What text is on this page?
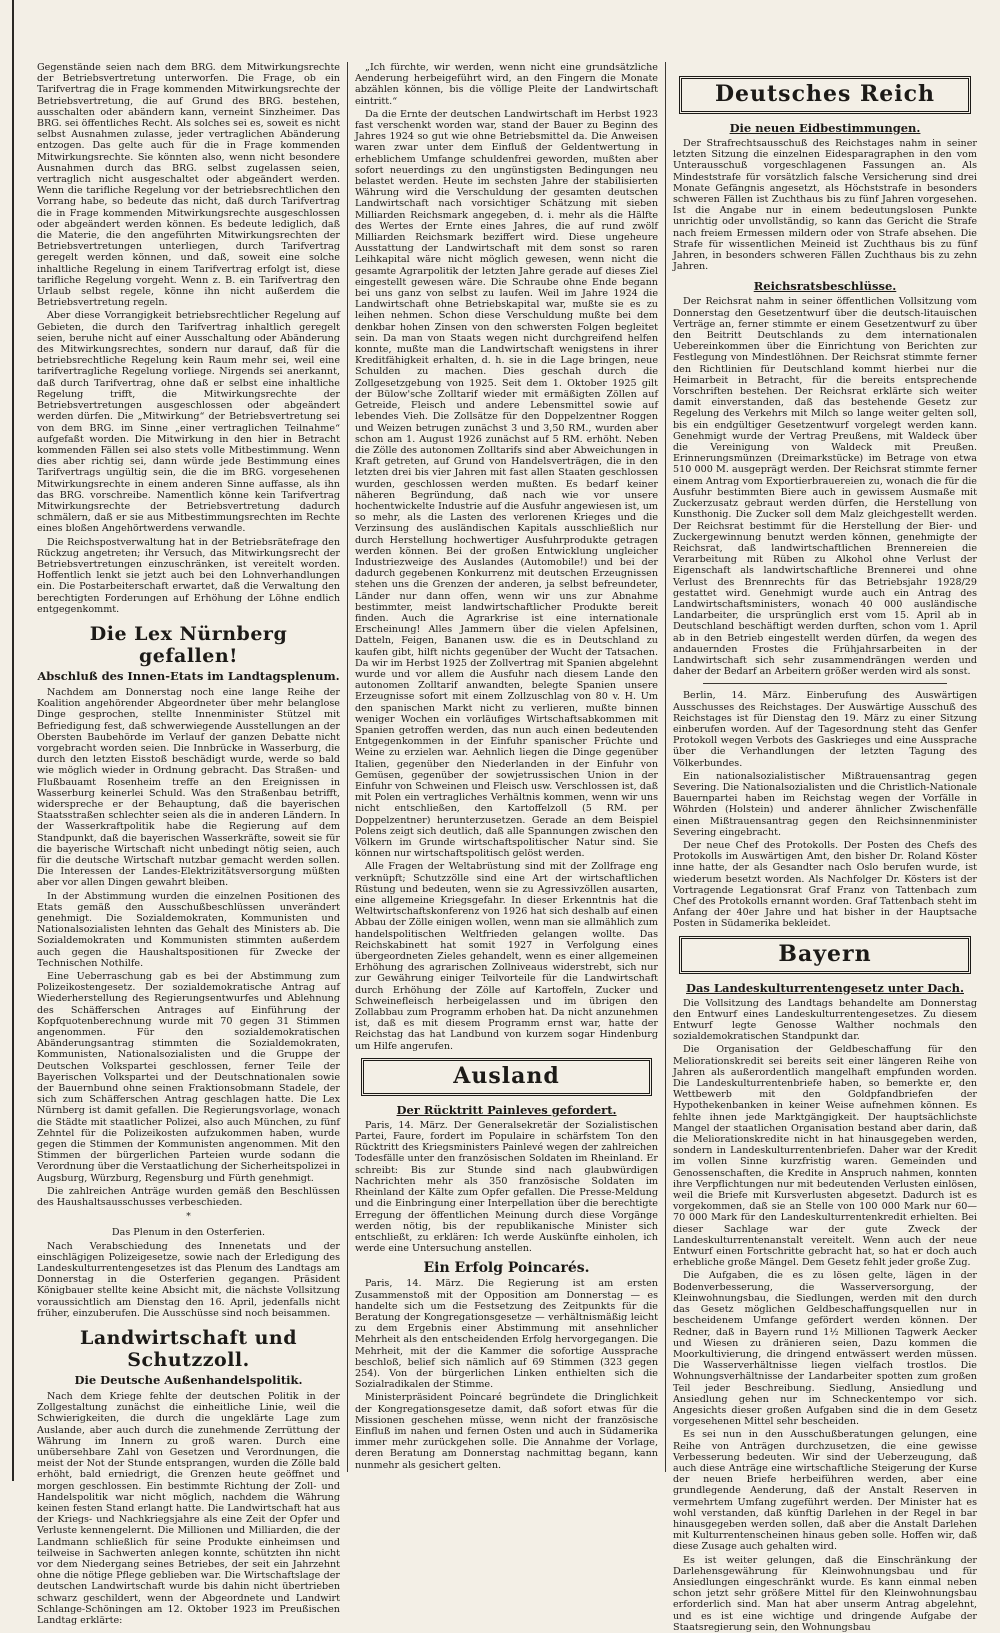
Gegenstände seien nach dem BRG. dem Mitwirkungsrechte der Betriebsvertretung unterworfen. Die Frage, ob ein Tarifvertrag die in Frage kommenden Mitwirkungsrechte der Betriebsvertretung, die auf Grund des BRG. bestehen, ausschalten oder abändern kann, verneint Sinzheimer. Das BRG. sei öffentliches Recht. Als solches sei es, soweit es nicht selbst Ausnahmen zulasse, jeder vertraglichen Abänderung entzogen. Das gelte auch für die in Frage kommenden Mitwirkungsrechte. Sie könnten also, wenn nicht besondere Ausnahmen durch das BRG. selbst zugelassen seien, vertraglich nicht ausgeschaltet oder abgeändert werden. Wenn die tarifliche Regelung vor der betriebsrechtlichen den Vorrang habe, so bedeute das nicht, daß durch Tarifvertrag die in Frage kommenden Mitwirkungsrechte ausgeschlossen oder abgeändert werden können. Es bedeute lediglich, daß die Materie, die den angeführten Mitwirkungsrechten der Betriebsvertretungen unterliegen, durch Tarifvertrag geregelt werden können, und daß, soweit eine solche inhaltliche Regelung in einem Tarifvertrag erfolgt ist, diese tarifliche Regelung vorgeht. Wenn z. B. ein Tarifvertrag den Urlaub selbst regele, könne ihn nicht außerdem die Betriebsvertretung regeln.

Aber diese Vorrangigkeit betriebsrechtlicher Regelung auf Gebieten, die durch den Tarifvertrag inhaltlich geregelt seien, beruhe nicht auf einer Ausschaltung oder Abänderung des Mitwirkungsrechtes, sondern nur darauf, daß für die betriebsrechtliche Regelung kein Raum mehr sei, weil eine tarifvertragliche Regelung vorliege. Nirgends sei anerkannt, daß durch Tarifvertrag, ohne daß er selbst eine inhaltliche Regelung trifft, die Mitwirkungsrechte der Betriebsvertretungen ausgeschlossen oder abgeändert werden dürfen. Die „Mitwirkung“ der Betriebsvertretung sei von dem BRG. im Sinne „einer vertraglichen Teilnahme“ aufgefaßt worden. Die Mitwirkung in den hier in Betracht kommenden Fällen sei also stets volle Mitbestimmung. Wenn dies aber richtig sei, dann würde jede Bestimmung eines Tarifvertrags ungültig sein, die die im BRG. vorgesehenen Mitwirkungsrechte in einem anderen Sinne auffasse, als ihn das BRG. vorschreibe. Namentlich könne kein Tarifvertrag Mitwirkungsrechte der Betriebsvertretung dadurch schmälern, daß er sie aus Mitbestimmungsrechten im Rechte eines bloßen Angehörtwerdens verwandle.

Die Reichspostverwaltung hat in der Betriebsrätefrage den Rückzug angetreten; ihr Versuch, das Mitwirkungsrecht der Betriebsvertretungen einzuschränken, ist vereitelt worden. Hoffentlich lenkt sie jetzt auch bei den Lohnverhandlungen ein. Die Postarbeiterschaft erwartet, daß die Verwaltung den berechtigten Forderungen auf Erhöhung der Löhne endlich entgegenkommt.

Die Lex Nürnberg gefallen!
Abschluß des Innen-Etats im Landtagsplenum.

Nachdem am Donnerstag noch eine lange Reihe der Koalition angehörender Abgeordneter über mehr belanglose Dinge gesprochen, stellte Innenminister Stützel mit Befriedigung fest, daß schwerwiegende Ausstellungen an der Obersten Baubehörde im Verlauf der ganzen Debatte nicht vorgebracht worden seien. Die Innbrücke in Wasserburg, die durch den letzten Eisstoß beschädigt wurde, werde so bald wie möglich wieder in Ordnung gebracht. Das Straßen- und Flußbauamt Rosenheim treffe an den Ereignissen in Wasserburg keinerlei Schuld. Was den Straßenbau betrifft, widerspreche er der Behauptung, daß die bayerischen Staatsstraßen schlechter seien als die in anderen Ländern. In der Wasserkraftpolitik habe die Regierung auf dem Standpunkt, daß die bayerischen Wasserkräfte, soweit sie für die bayerische Wirtschaft nicht unbedingt nötig seien, auch für die deutsche Wirtschaft nutzbar gemacht werden sollen. Die Interessen der Landes-Elektrizitätsversorgung müßten aber vor allen Dingen gewahrt bleiben.

In der Abstimmung wurden die einzelnen Positionen des Etats gemäß den Ausschußbeschlüssen unverändert genehmigt. Die Sozialdemokraten, Kommunisten und Nationalsozialisten lehnten das Gehalt des Ministers ab. Die Sozialdemokraten und Kommunisten stimmten außerdem auch gegen die Haushaltspositionen für Zwecke der Technischen Nothilfe.

Eine Ueberraschung gab es bei der Abstimmung zum Polizeikostengesetz. Der sozialdemokratische Antrag auf Wiederherstellung des Regierungsentwurfes und Ablehnung des Schäfferschen Antrages auf Einführung der Kopfquotenberechnung wurde mit 70 gegen 31 Stimmen angenommen. Für den sozialdemokratischen Abänderungsantrag stimmten die Sozialdemokraten, Kommunisten, Nationalsozialisten und die Gruppe der Deutschen Volkspartei geschlossen, ferner Teile der Bayerischen Volkspartei und der Deutschnationalen sowie der Bauernbund ohne seinen Fraktionsobmann Stadele, der sich zum Schäfferschen Antrag geschlagen hatte. Die Lex Nürnberg ist damit gefallen. Die Regierungsvorlage, wonach die Städte mit staatlicher Polizei, also auch München, zu fünf Zehntel für die Polizeikosten aufzukommen haben, wurde gegen die Stimmen der Kommunisten angenommen. Mit den Stimmen der bürgerlichen Parteien wurde sodann die Verordnung über die Verstaatlichung der Sicherheitspolizei in Augsburg, Würzburg, Regensburg und Fürth genehmigt.

Die zahlreichen Anträge wurden gemäß den Beschlüssen des Haushaltsausschusses verbeschieden.

*

Das Plenum in den Osterferien.

Nach Verabschiedung des Innenetats und der einschlägigen Polizeigesetze, sowie nach der Erledigung des Landeskulturrentengesetzes ist das Plenum des Landtags am Donnerstag in die Osterferien gegangen. Präsident Königbauer stellte keine Absicht mit, die nächste Vollsitzung voraussichtlich am Dienstag den 16. April, jedenfalls nicht früher, einzuberufen. Die Ausschüsse sind noch beisammen.

Landwirtschaft und Schutzzoll.
Die Deutsche Außenhandelspolitik.

Nach dem Kriege fehlte der deutschen Politik in der Zollgestaltung zunächst die einheitliche Linie, weil die Schwierigkeiten, die durch die ungeklärte Lage zum Auslande, aber auch durch die zunehmende Zerrüttung der Währung im Innern zu groß waren. Durch eine unübersehbare Zahl von Gesetzen und Verordnungen, die meist der Not der Stunde entsprangen, wurden die Zölle bald erhöht, bald erniedrigt, die Grenzen heute geöffnet und morgen geschlossen. Ein bestimmte Richtung der Zoll- und Handelspolitik war nicht möglich, nachdem die Währung keinen festen Stand erlangt hatte. Die Landwirtschaft hat aus der Kriegs- und Nachkriegsjahre als eine Zeit der Opfer und Verluste kennengelernt. Die Millionen und Milliarden, die der Landmann schließlich für seine Produkte einheimsen und teilweise in Sachwerten anlegen konnte, schützten ihn nicht vor dem Niedergang seines Betriebes, der seit ein Jahrzehnt ohne die nötige Pflege geblieben war. Die Wirtschaftslage der deutschen Landwirtschaft wurde bis dahin nicht übertrieben schwarz geschildert, wenn der Abgeordnete und Landwirt Schlange-Schöningen am 12. Oktober 1923 im Preußischen Landtag erklärte:

„Ich fürchte, wir werden, wenn nicht eine grundsätzliche Aenderung herbeigeführt wird, an den Fingern die Monate abzählen können, bis die völlige Pleite der Landwirtschaft eintritt.“

Da die Ernte der deutschen Landwirtschaft im Herbst 1923 fast verschenkt worden war, stand der Bauer zu Beginn des Jahres 1924 so gut wie ohne Betriebsmittel da. Die Anweisen waren zwar unter dem Einfluß der Geldentwertung in erheblichem Umfange schuldenfrei geworden, mußten aber sofort neuerdings zu den ungünstigsten Bedingungen neu belastet werden. Heute im sechsten Jahre der stabilisierten Währung wird die Verschuldung der gesamten deutschen Landwirtschaft nach vorsichtiger Schätzung mit sieben Milliarden Reichsmark angegeben, d. i. mehr als die Hälfte des Wertes der Ernte eines Jahres, die auf rund zwölf Milliarden Reichsmark beziffert wird. Diese ungeheure Ausstattung der Landwirtschaft mit dem sonst so raren Leihkapital wäre nicht möglich gewesen, wenn nicht die gesamte Agrarpolitik der letzten Jahre gerade auf dieses Ziel eingestellt gewesen wäre. Die Schraube ohne Ende begann bei uns ganz von selbst zu laufen. Weil im Jahre 1924 die Landwirtschaft ohne Betriebskapital war, mußte sie es zu leihen nehmen. Schon diese Verschuldung mußte bei dem denkbar hohen Zinsen von den schwersten Folgen begleitet sein. Da man von Staats wegen nicht durchgreifend helfen konnte, mußte man die Landwirtschaft wenigstens in ihrer Kreditfähigkeit erhalten, d. h. sie in die Lage bringen, neue Schulden zu machen. Dies geschah durch die Zollgesetzgebung von 1925. Seit dem 1. Oktober 1925 gilt der Bülow'sche Zolltarif wieder mit ermäßigten Zöllen auf Getreide, Fleisch und andere Lebensmittel sowie auf lebendes Vieh. Die Zollsätze für den Doppelzentner Roggen und Weizen betrugen zunächst 3 und 3,50 RM., wurden aber schon am 1. August 1926 zunächst auf 5 RM. erhöht. Neben die Zölle des autonomen Zolltarifs sind aber Abweichungen in Kraft getreten, auf Grund von Handelsverträgen, die in den letzten drei bis vier Jahren mit fast allen Staaten geschlossen wurden, geschlossen werden mußten. Es bedarf keiner näheren Begründung, daß nach wie vor unsere hochentwickelte Industrie auf die Ausfuhr angewiesen ist, um so mehr, als die Lasten des verlorenen Krieges und die Verzinsung des ausländischen Kapitals ausschließlich nur durch Herstellung hochwertiger Ausfuhrprodukte getragen werden können. Bei der großen Entwicklung ungleicher Industriezweige des Auslandes (Automobile!) und bei der dadurch gegebenen Konkurrenz mit deutschen Erzeugnissen stehen uns die Grenzen der anderen, ja selbst befreundeter, Länder nur dann offen, wenn wir uns zur Abnahme bestimmter, meist landwirtschaftlicher Produkte bereit finden. Auch die Agrarkrise ist eine internationale Erscheinung! Alles Jammern über die vielen Apfelsinen, Datteln, Feigen, Bananen usw. die es in Deutschland zu kaufen gibt, hilft nichts gegenüber der Wucht der Tatsachen. Da wir im Herbst 1925 der Zollvertrag mit Spanien abgelehnt wurde und vor allem die Ausfuhr nach diesem Lande den autonomen Zolltarif anwandten, belegte Spanien unsere Erzeugnisse sofort mit einem Zollzuschlag von 80 v. H. Um den spanischen Markt nicht zu verlieren, mußte binnen weniger Wochen ein vorläufiges Wirtschaftsabkommen mit Spanien getroffen werden, das nun auch einen bedeutenden Entgegenkommen in der Einfuhr spanischer Früchte und Weine zu erzielen war. Aehnlich liegen die Dinge gegenüber Italien, gegenüber den Niederlanden in der Einfuhr von Gemüsen, gegenüber der sowjetrussischen Union in der Einfuhr von Schweinen und Fleisch usw. Verschlossen ist, daß mit Polen ein vertragliches Verhältnis kommen, wenn wir uns nicht entschließen, den Kartoffelzoll (5 RM. per Doppelzentner) herunterzusetzen. Gerade an dem Beispiel Polens zeigt sich deutlich, daß alle Spannungen zwischen den Völkern im Grunde wirtschaftspolitischer Natur sind. Sie können nur wirtschaftspolitisch gelöst werden.

Alle Fragen der Weltabrüstung sind mit der Zollfrage eng verknüpft; Schutzzölle sind eine Art der wirtschaftlichen Rüstung und bedeuten, wenn sie zu Agressivzöllen ausarten, eine allgemeine Kriegsgefahr. In dieser Erkenntnis hat die Weltwirtschaftskonferenz von 1926 hat sich deshalb auf einen Abbau der Zölle einigen wollen, wenn man sie allmählich zum handelspolitischen Weltfrieden gelangen wollte. Das Reichskabinett hat somit 1927 in Verfolgung eines übergeordneten Zieles gehandelt, wenn es einer allgemeinen Erhöhung des agrarischen Zollniveaus widerstrebt, sich nur zur Gewährung einiger Teilvorteile für die Landwirtschaft durch Erhöhung der Zölle auf Kartoffeln, Zucker und Schweinefleisch herbeigelassen und im übrigen den Zollabbau zum Programm erhoben hat. Da nicht anzunehmen ist, daß es mit diesem Programm ernst war, hatte der Reichstag das hat Landbund von kurzem sogar Hindenburg um Hilfe angerufen.

Ausland
Der Rücktritt Painleves gefordert.

Paris, 14. März. Der Generalsekretär der Sozialistischen Partei, Faure, fordert im Populaire in schärfstem Ton den Rücktritt des Kriegsministers Painlevé wegen der zahlreichen Todesfälle unter den französischen Soldaten im Rheinland. Er schreibt: Bis zur Stunde sind nach glaubwürdigen Nachrichten mehr als 350 französische Soldaten im Rheinland der Kälte zum Opfer gefallen. Die Presse-Meldung und die Einbringung einer Interpellation über die berechtigte Erregung der öffentlichen Meinung durch diese Vorgänge werden nötig, bis der republikanische Minister sich entschließt, zu erklären: Ich werde Auskünfte einholen, ich werde eine Untersuchung anstellen.

Ein Erfolg Poincarés.

Paris, 14. März. Die Regierung ist am ersten Zusammenstoß mit der Opposition am Donnerstag — es handelte sich um die Festsetzung des Zeitpunkts für die Beratung der Kongregationsgesetze — verhältnismäßig leicht zu dem Ergebnis einer Abstimmung mit ansehnlicher Mehrheit als den entscheidenden Erfolg hervorgegangen. Die Mehrheit, mit der die Kammer die sofortige Aussprache beschloß, belief sich nämlich auf 69 Stimmen (323 gegen 254). Von der bürgerlichen Linken enthielten sich die Sozialradikalen der Stimme.

Ministerpräsident Poincaré begründete die Dringlichkeit der Kongregationsgesetze damit, daß sofort etwas für die Missionen geschehen müsse, wenn nicht der französische Einfluß im nahen und fernen Osten und auch in Südamerika immer mehr zurückgehen solle. Die Annahme der Vorlage, deren Beratung am Donnerstag nachmittag begann, kann nunmehr als gesichert gelten.

Deutsches Reich
Die neuen Eidbestimmungen.

Der Strafrechtsausschuß des Reichstages nahm in seiner letzten Sitzung die einzelnen Eidesparagraphen in den vom Unterausschuß vorgeschlagenen Fassungen an. Als Mindeststrafe für vorsätzlich falsche Versicherung sind drei Monate Gefängnis angesetzt, als Höchststrafe in besonders schweren Fällen ist Zuchthaus bis zu fünf Jahren vorgesehen. Ist die Angabe nur in einem bedeutungslosen Punkte unrichtig oder unvollständig, so kann das Gericht die Strafe nach freiem Ermessen mildern oder von Strafe absehen. Die Strafe für wissentlichen Meineid ist Zuchthaus bis zu fünf Jahren, in besonders schweren Fällen Zuchthaus bis zu zehn Jahren.

Reichsratsbeschlüsse.

Der Reichsrat nahm in seiner öffentlichen Vollsitzung vom Donnerstag den Gesetzentwurf über die deutsch-litauischen Verträge an, ferner stimmte er einem Gesetzentwurf zu über den Beitritt Deutschlands zu dem internationalen Uebereinkommen über die Einrichtung von Berichten zur Festlegung von Mindestlöhnen. Der Reichsrat stimmte ferner den Richtlinien für Deutschland kommt hierbei nur die Heimarbeit in Betracht, für die bereits entsprechende Vorschriften bestehen. Der Reichsrat erklärte sich weiter damit einverstanden, daß das bestehende Gesetz zur Regelung des Verkehrs mit Milch so lange weiter gelten soll, bis ein endgültiger Gesetzentwurf vorgelegt werden kann. Genehmigt wurde der Vertrag Preußens, mit Waldeck über die Vereinigung von Waldeck mit Preußen. Erinnerungsmünzen (Dreimarkstücke) im Betrage von etwa 510 000 M. ausgeprägt werden. Der Reichsrat stimmte ferner einem Antrag vom Exportierbrauereien zu, wonach die für die Ausfuhr bestimmten Biere auch in gewissem Ausmaße mit Zuckerzusatz gebraut werden dürfen, die Herstellung von Kunsthonig. Die Zucker soll dem Malz gleichgestellt werden. Der Reichsrat bestimmt für die Herstellung der Bier- und Zuckergewinnung benutzt werden können, genehmigte der Reichsrat, daß landwirtschaftlichen Brennereien die Verarbeitung mit Rüben zu Alkohol ohne Verlust der Eigenschaft als landwirtschaftliche Brennerei und ohne Verlust des Brennrechts für das Betriebsjahr 1928/29 gestattet wird. Genehmigt wurde auch ein Antrag des Landwirtschaftsministers, wonach 40 000 ausländische Landarbeiter, die ursprünglich erst vom 15. April ab in Deutschland beschäftigt werden durften, schon vom 1. April ab in den Betrieb eingestellt werden dürfen, da wegen des andauernden Frostes die Frühjahrsarbeiten in der Landwirtschaft sich sehr zusammendrängen werden und daher der Bedarf an Arbeitern größer werden wird als sonst.

Berlin, 14. März. Einberufung des Auswärtigen Ausschusses des Reichstages. Der Auswärtige Ausschuß des Reichstages ist für Dienstag den 19. März zu einer Sitzung einberufen worden. Auf der Tagesordnung steht das Genfer Protokoll wegen Verbots des Gaskrieges und eine Aussprache über die Verhandlungen der letzten Tagung des Völkerbundes.

Ein nationalsozialistischer Mißtrauensantrag gegen Severing. Die Nationalsozialisten und die Christlich-Nationale Bauernpartei haben im Reichstag wegen der Vorfälle in Wöhrden (Holstein) und anderer ähnlicher Zwischenfälle einen Mißtrauensantrag gegen den Reichsinnenminister Severing eingebracht.

Der neue Chef des Protokolls. Der Posten des Chefs des Protokolls im Auswärtigen Amt, den bisher Dr. Roland Köster inne hatte, der als Gesandter nach Oslo berufen wurde, ist wiederum besetzt worden. Als Nachfolger Dr. Kösters ist der Vortragende Legationsrat Graf Franz von Tattenbach zum Chef des Protokolls ernannt worden. Graf Tattenbach steht im Anfang der 40er Jahre und hat bisher in der Hauptsache Posten in Südamerika bekleidet.

Bayern
Das Landeskulturrentengesetz unter Dach.

Die Vollsitzung des Landtags behandelte am Donnerstag den Entwurf eines Landeskulturrentengesetzes. Zu diesem Entwurf legte Genosse Walther nochmals den sozialdemokratischen Standpunkt dar.

Die Organisation der Geldbeschaffung für den Meliorationskredit sei bereits seit einer längeren Reihe von Jahren als außerordentlich mangelhaft empfunden worden. Die Landeskulturrentenbriefe haben, so bemerkte er, den Wettbewerb mit den Goldpfandbriefen der Hypothekenbanken in keiner Weise aufnehmen können. Es fehlte ihnen jede Marktgängigkeit. Der hauptsächlichste Mangel der staatlichen Organisation bestand aber darin, daß die Meliorationskredite nicht in hat hinausgegeben werden, sondern in Landeskulturrentenbriefen. Daher war der Kredit im vollen Sinne kurzfristig waren. Gemeinden und Genossenschaften, die Kredite in Anspruch nahmen, konnten ihre Verpflichtungen nur mit bedeutenden Verlusten einlösen, weil die Briefe mit Kursverlusten abgesetzt. Dadurch ist es vorgekommen, daß sie an Stelle von 100 000 Mark nur 60—70 000 Mark für den Landeskulturrentenkredit erhielten. Bei dieser Sachlage war der gute Zweck der Landeskulturrentenanstalt vereitelt. Wenn auch der neue Entwurf einen Fortschritte gebracht hat, so hat er doch auch erhebliche große Mängel. Dem Gesetz fehlt jeder große Zug.

Die Aufgaben, die es zu lösen gelte, lägen in der Bodenverbesserung, die Wasserversorgung, der Kleinwohnungsbau, die Siedlungen, werden mit den durch das Gesetz möglichen Geldbeschaffungsquellen nur in bescheidenem Umfange gefördert werden können. Der Redner, daß in Bayern rund 1½ Millionen Tagwerk Aecker und Wiesen zu dränieren seien, Dazu kommen die Moorkultivierung, die dringend entwässert werden müssen. Die Wasserverhältnisse liegen vielfach trostlos. Die Wohnungsverhältnisse der Landarbeiter spotten zum großen Teil jeder Beschreibung. Siedlung, Ansiedlung und Ansiedlung gehen nur im Schneckentempo vor sich. Angesichts dieser großen Aufgaben sind die in dem Gesetz vorgesehenen Mittel sehr bescheiden.

Es sei nun in den Ausschußberatungen gelungen, eine Reihe von Anträgen durchzusetzen, die eine gewisse Verbesserung bedeuten. Wir sind der Ueberzeugung, daß auch diese Anträge eine wirtschaftliche Steigerung der Kurse der neuen Briefe herbeiführen werden, aber eine grundlegende Aenderung, daß der Anstalt Reserven in vermehrtem Umfang zugeführt werden. Der Minister hat es wohl verstanden, daß künftig Darlehen in der Regel in bar hinausgegeben werden sollen, daß aber die Anstalt Darlehen mit Kulturrentenscheinen hinaus geben solle. Hoffen wir, daß diese Zusage auch gehalten wird.

Es ist weiter gelungen, daß die Einschränkung der Darlehensgewährung für Kleinwohnungsbau und für Ansiedlungen eingeschränkt wurde. Es kann einmal neben schon jetzt sehr größere Mittel für den Kleinwohnungsbau erforderlich sind. Man hat aber unserm Antrag abgelehnt, und es ist eine wichtige und dringende Aufgabe der Staatsregierung sein, den Wohnungsbau
